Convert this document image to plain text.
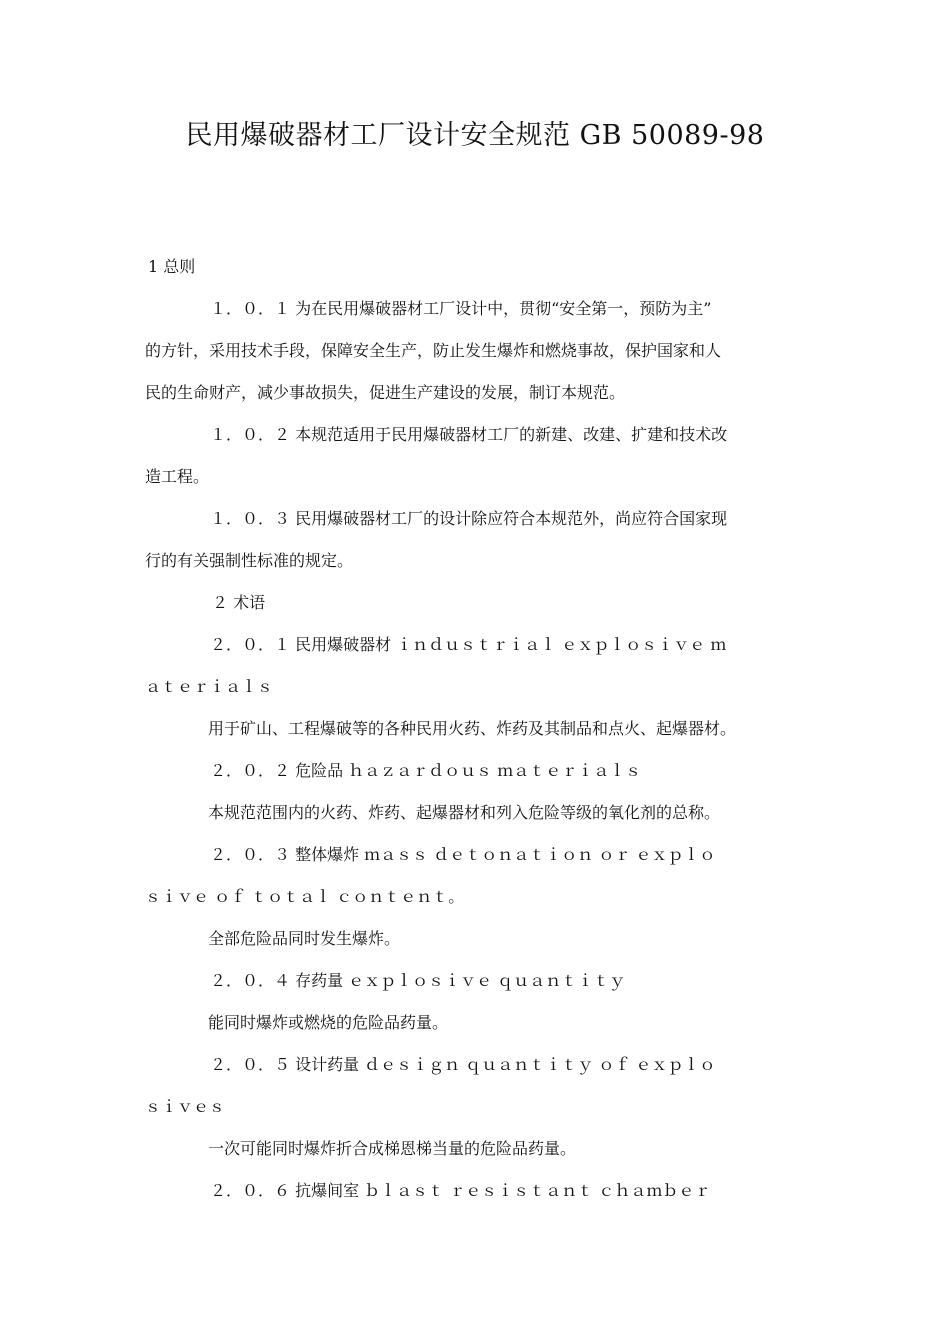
民用爆破器材工厂设计安全规范 GB 50089-98
1 总则
１．０．１ 为在民用爆破器材工厂设计中，贯彻“安全第一，预防为主”
的方针，采用技术手段，保障安全生产，防止发生爆炸和燃烧事故，保护国家和人
民的生命财产，减少事故损失，促进生产建设的发展，制订本规范。
１．０．２ 本规范适用于民用爆破器材工厂的新建、改建、扩建和技术改
造工程。
１．０．３ 民用爆破器材工厂的设计除应符合本规范外，尚应符合国家现
行的有关强制性标准的规定。
２ 术语
２．０．１ 民用爆破器材 ｉｎｄｕｓｔｒｉａｌ ｅｘｐｌｏｓｉｖｅ ｍ
ａｔｅｒｉａｌｓ
用于矿山、工程爆破等的各种民用火药、炸药及其制品和点火、起爆器材。
２．０．２ 危险品 ｈａｚａｒｄｏｕｓ ｍａｔｅｒｉａｌｓ
本规范范围内的火药、炸药、起爆器材和列入危险等级的氧化剂的总称。
２．０．３ 整体爆炸 ｍａｓｓ ｄｅｔｏｎａｔｉｏｎ ｏｒ ｅｘｐｌｏ
ｓｉｖｅ ｏｆ ｔｏｔａｌ ｃｏｎｔｅｎｔ。
全部危险品同时发生爆炸。
２．０．４ 存药量 ｅｘｐｌｏｓｉｖｅ ｑｕａｎｔｉｔｙ
能同时爆炸或燃烧的危险品药量。
２．０．５ 设计药量 ｄｅｓｉｇｎ ｑｕａｎｔｉｔｙ ｏｆ ｅｘｐｌｏ
ｓｉｖｅｓ
一次可能同时爆炸折合成梯恩梯当量的危险品药量。
２．０．６ 抗爆间室 ｂｌａｓｔ ｒｅｓｉｓｔａｎｔ ｃｈａｍｂｅｒ
